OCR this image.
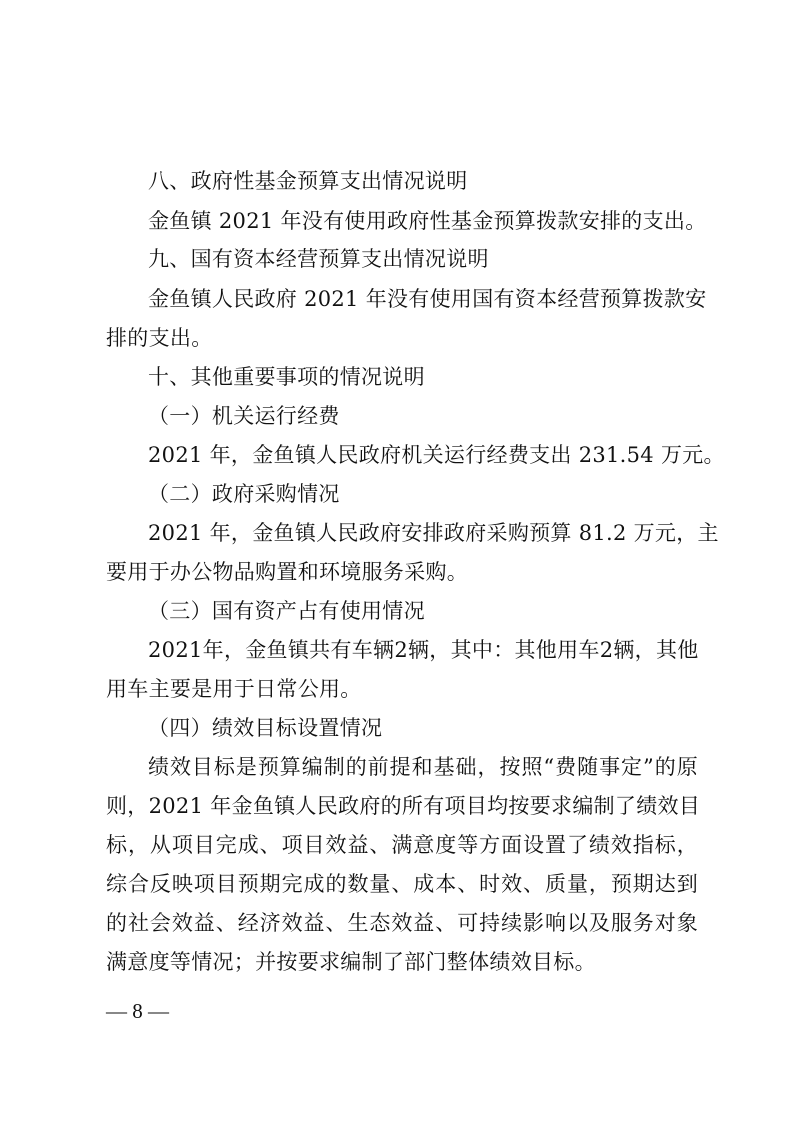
八、政府性基金预算支出情况说明
金鱼镇 2021 年没有使用政府性基金预算拨款安排的支出。
九、国有资本经营预算支出情况说明
金鱼镇人民政府 2021 年没有使用国有资本经营预算拨款安
排的支出。
十、其他重要事项的情况说明
（一）机关运行经费
2021 年，金鱼镇人民政府机关运行经费支出 231.54 万元。
（二）政府采购情况
2021 年，金鱼镇人民政府安排政府采购预算 81.2 万元，主
要用于办公物品购置和环境服务采购。
（三）国有资产占有使用情况
2021年，金鱼镇共有车辆2辆，其中：其他用车2辆，其他
用车主要是用于日常公用。
（四）绩效目标设置情况
绩效目标是预算编制的前提和基础，按照“费随事定”的原
则，2021 年金鱼镇人民政府的所有项目均按要求编制了绩效目
标，从项目完成、项目效益、满意度等方面设置了绩效指标，
综合反映项目预期完成的数量、成本、时效、质量，预期达到
的社会效益、经济效益、生态效益、可持续影响以及服务对象
满意度等情况；并按要求编制了部门整体绩效目标。
— 8 —
